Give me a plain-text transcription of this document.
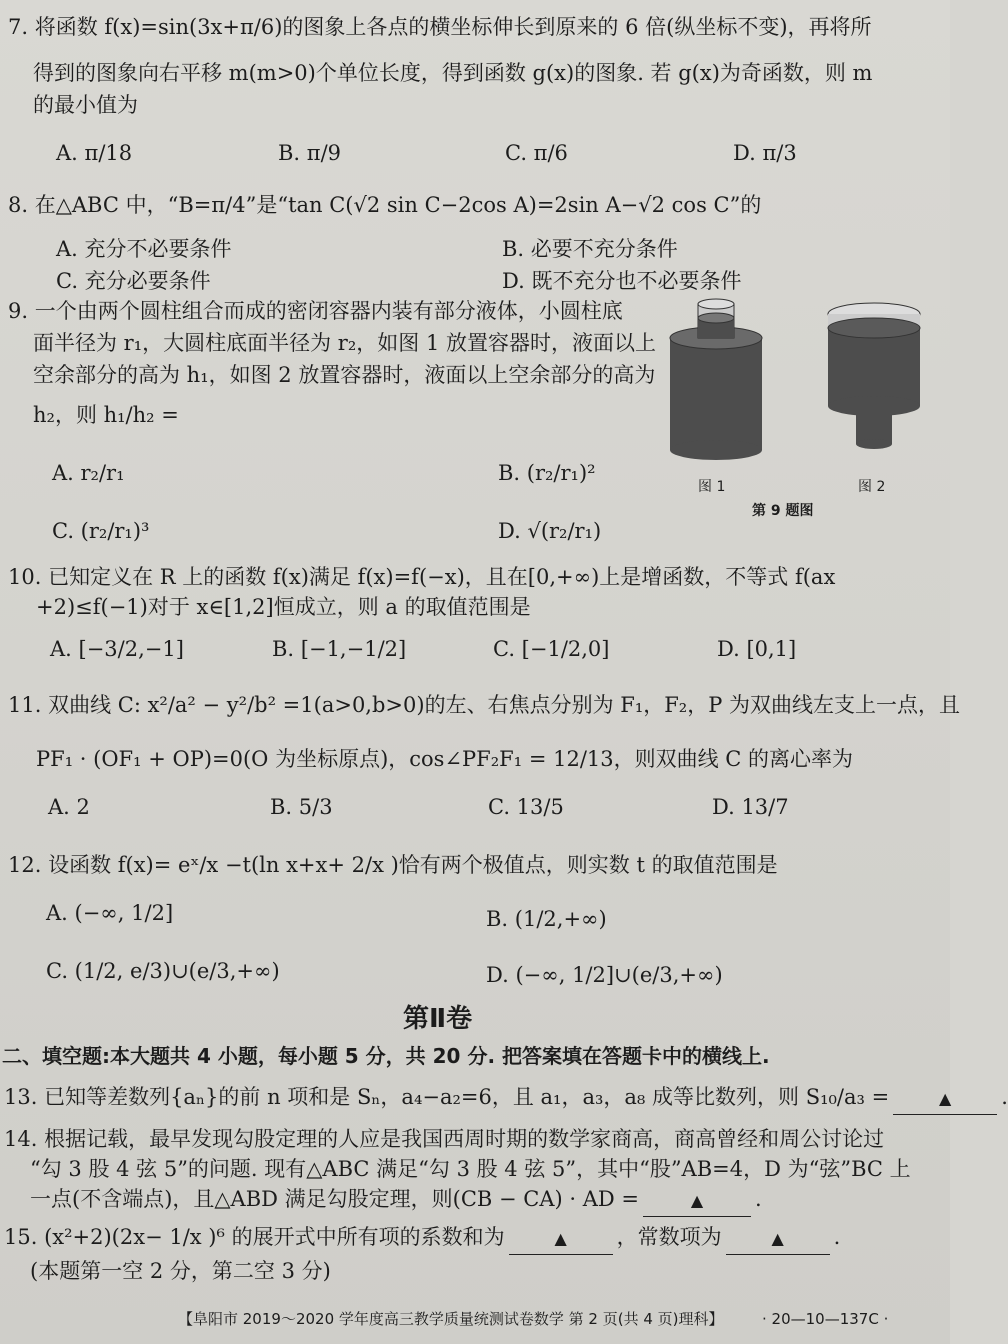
7. 将函数 f(x)=sin(3x+π/6)的图象上各点的横坐标伸长到原来的 6 倍(纵坐标不变)，再将所
得到的图象向右平移 m(m>0)个单位长度，得到函数 g(x)的图象. 若 g(x)为奇函数，则 m
的最小值为
A. π/18	B. π/9	C. π/6	D. π/3
8. 在△ABC 中，“B=π/4”是“tan C(√2 sin C−2cos A)=2sin A−√2 cos C”的
A. 充分不必要条件	B. 必要不充分条件
C. 充分必要条件	D. 既不充分也不必要条件
9. 一个由两个圆柱组合而成的密闭容器内装有部分液体，小圆柱底
面半径为 r₁，大圆柱底面半径为 r₂，如图 1 放置容器时，液面以上
空余部分的高为 h₁，如图 2 放置容器时，液面以上空余部分的高为
h₂，则 h₁/h₂ =
A. r₂/r₁	B. (r₂/r₁)²
C. (r₂/r₁)³	D. √(r₂/r₁)
图 1	图 2
第 9 题图
10. 已知定义在 R 上的函数 f(x)满足 f(x)=f(−x)，且在[0,+∞)上是增函数，不等式 f(ax
+2)≤f(−1)对于 x∈[1,2]恒成立，则 a 的取值范围是
A. [−3/2,−1]	B. [−1,−1/2]	C. [−1/2,0]	D. [0,1]
11. 双曲线 C: x²/a² − y²/b² =1(a>0,b>0)的左、右焦点分别为 F₁，F₂，P 为双曲线左支上一点，且
PF₁ · (OF₁ + OP)=0(O 为坐标原点)，cos∠PF₂F₁ = 12/13，则双曲线 C 的离心率为
A. 2	B. 5/3	C. 13/5	D. 13/7
12. 设函数 f(x)= eˣ/x −t(ln x+x+ 2/x )恰有两个极值点，则实数 t 的取值范围是
A. (−∞, 1/2]	B. (1/2,+∞)
C. (1/2, e/3)∪(e/3,+∞)	D. (−∞, 1/2]∪(e/3,+∞)
第Ⅱ卷
二、填空题:本大题共 4 小题，每小题 5 分，共 20 分. 把答案填在答题卡中的横线上.
13. 已知等差数列{aₙ}的前 n 项和是 Sₙ，a₄−a₂=6，且 a₁，a₃，a₈ 成等比数列，则 S₁₀/a₃ =	▲ .
14. 根据记载，最早发现勾股定理的人应是我国西周时期的数学家商高，商高曾经和周公讨论过
“勾 3 股 4 弦 5”的问题. 现有△ABC 满足“勾 3 股 4 弦 5”，其中“股”AB=4，D 为“弦”BC 上
一点(不含端点)，且△ABD 满足勾股定理，则(CB − CA) · AD =	▲ .
15. (x²+2)(2x− 1/x )⁶ 的展开式中所有项的系数和为	▲ ，常数项为	▲ .
(本题第一空 2 分，第二空 3 分)
【阜阳市 2019～2020 学年度高三教学质量统测试卷数学 第 2 页(共 4 页)理科】	· 20—10—137C ·
